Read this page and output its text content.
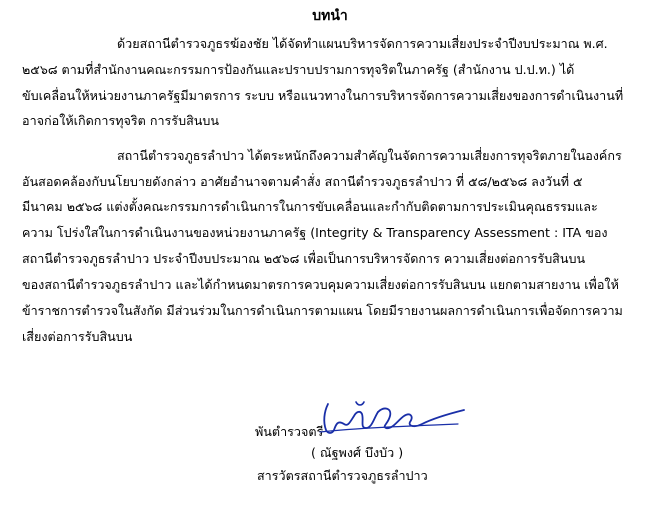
บทนำ
ด้วยสถานีตำรวจภูธรฆ้องชัย ได้จัดทำแผนบริหารจัดการความเสี่ยงประจำปีงบประมาณ พ.ศ.
๒๕๖๘ ตามที่สำนักงานคณะกรรมการป้องกันและปราบปรามการทุจริตในภาครัฐ (สำนักงาน ป.ป.ท.) ได้
ขับเคลื่อนให้หน่วยงานภาครัฐมีมาตรการ ระบบ หรือแนวทางในการบริหารจัดการความเสี่ยงของการดำเนินงานที่
อาจก่อให้เกิดการทุจริต การรับสินบน
สถานีตำรวจภูธรลำปาว ได้ตระหนักถึงความสำคัญในจัดการความเสี่ยงการทุจริตภายในองค์กร
อันสอดคล้องกับนโยบายดังกล่าว อาศัยอำนาจตามคำสั่ง สถานีตำรวจภูธรลำปาว ที่ ๕๘/๒๕๖๘ ลงวันที่ ๕
มีนาคม ๒๕๖๘ แต่งตั้งคณะกรรมการดำเนินการในการขับเคลื่อนและกำกับติดตามการประเมินคุณธรรมและ
ความ โปร่งใสในการดำเนินงานของหน่วยงานภาครัฐ (Integrity & Transparency Assessment : ITA ของ
สถานีตำรวจภูธรลำปาว ประจำปีงบประมาณ ๒๕๖๘ เพื่อเป็นการบริหารจัดการ ความเสี่ยงต่อการรับสินบน
ของสถานีตำรวจภูธรลำปาว และได้กำหนดมาตรการควบคุมความเสี่ยงต่อการรับสินบน แยกตามสายงาน เพื่อให้
ข้าราชการตำรวจในสังกัด มีส่วนร่วมในการดำเนินการตามแผน โดยมีรายงานผลการดำเนินการเพื่อจัดการความ
เสี่ยงต่อการรับสินบน
พันตำรวจตรี
( ณัฐพงศ์ บึงบัว )
สารวัตรสถานีตำรวจภูธรลำปาว
